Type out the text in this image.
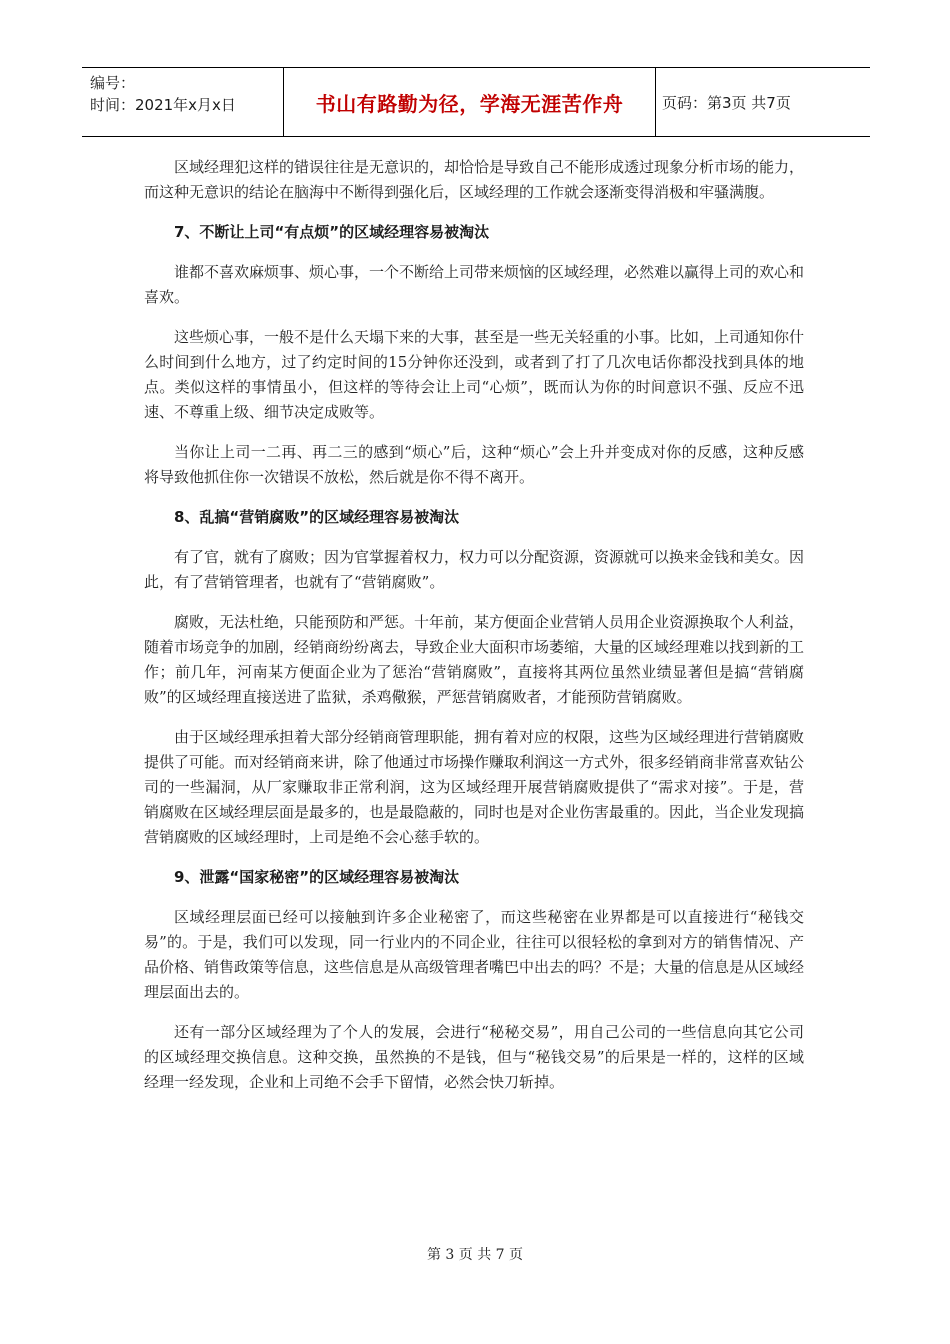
编号：
时间：2021年x月x日	书山有路勤为径，学海无涯苦作舟	页码：第3页 共7页

区域经理犯这样的错误往往是无意识的，却恰恰是导致自己不能形成透过现象分析市场的能力，而这种无意识的结论在脑海中不断得到强化后，区域经理的工作就会逐渐变得消极和牢骚满腹。

7、不断让上司“有点烦”的区域经理容易被淘汰

谁都不喜欢麻烦事、烦心事，一个不断给上司带来烦恼的区域经理，必然难以赢得上司的欢心和喜欢。

这些烦心事，一般不是什么天塌下来的大事，甚至是一些无关轻重的小事。比如，上司通知你什么时间到什么地方，过了约定时间的15分钟你还没到，或者到了打了几次电话你都没找到具体的地点。类似这样的事情虽小，但这样的等待会让上司“心烦”，既而认为你的时间意识不强、反应不迅速、不尊重上级、细节决定成败等。

当你让上司一二再、再二三的感到“烦心”后，这种“烦心”会上升并变成对你的反感，这种反感将导致他抓住你一次错误不放松，然后就是你不得不离开。

8、乱搞“营销腐败”的区域经理容易被淘汰

有了官，就有了腐败；因为官掌握着权力，权力可以分配资源，资源就可以换来金钱和美女。因此，有了营销管理者，也就有了“营销腐败”。

腐败，无法杜绝，只能预防和严惩。十年前，某方便面企业营销人员用企业资源换取个人利益，随着市场竞争的加剧，经销商纷纷离去，导致企业大面积市场萎缩，大量的区域经理难以找到新的工作；前几年，河南某方便面企业为了惩治“营销腐败”，直接将其两位虽然业绩显著但是搞“营销腐败”的区域经理直接送进了监狱，杀鸡儆猴，严惩营销腐败者，才能预防营销腐败。

由于区域经理承担着大部分经销商管理职能，拥有着对应的权限，这些为区域经理进行营销腐败提供了可能。而对经销商来讲，除了他通过市场操作赚取利润这一方式外，很多经销商非常喜欢钻公司的一些漏洞，从厂家赚取非正常利润，这为区域经理开展营销腐败提供了“需求对接”。于是，营销腐败在区域经理层面是最多的，也是最隐蔽的，同时也是对企业伤害最重的。因此，当企业发现搞营销腐败的区域经理时，上司是绝不会心慈手软的。

9、泄露“国家秘密”的区域经理容易被淘汰

区域经理层面已经可以接触到许多企业秘密了，而这些秘密在业界都是可以直接进行“秘钱交易”的。于是，我们可以发现，同一行业内的不同企业，往往可以很轻松的拿到对方的销售情况、产品价格、销售政策等信息，这些信息是从高级管理者嘴巴中出去的吗？不是；大量的信息是从区域经理层面出去的。

还有一部分区域经理为了个人的发展，会进行“秘秘交易”，用自己公司的一些信息向其它公司的区域经理交换信息。这种交换，虽然换的不是钱，但与“秘钱交易”的后果是一样的，这样的区域经理一经发现，企业和上司绝不会手下留情，必然会快刀斩掉。

第 3 页 共 7 页
